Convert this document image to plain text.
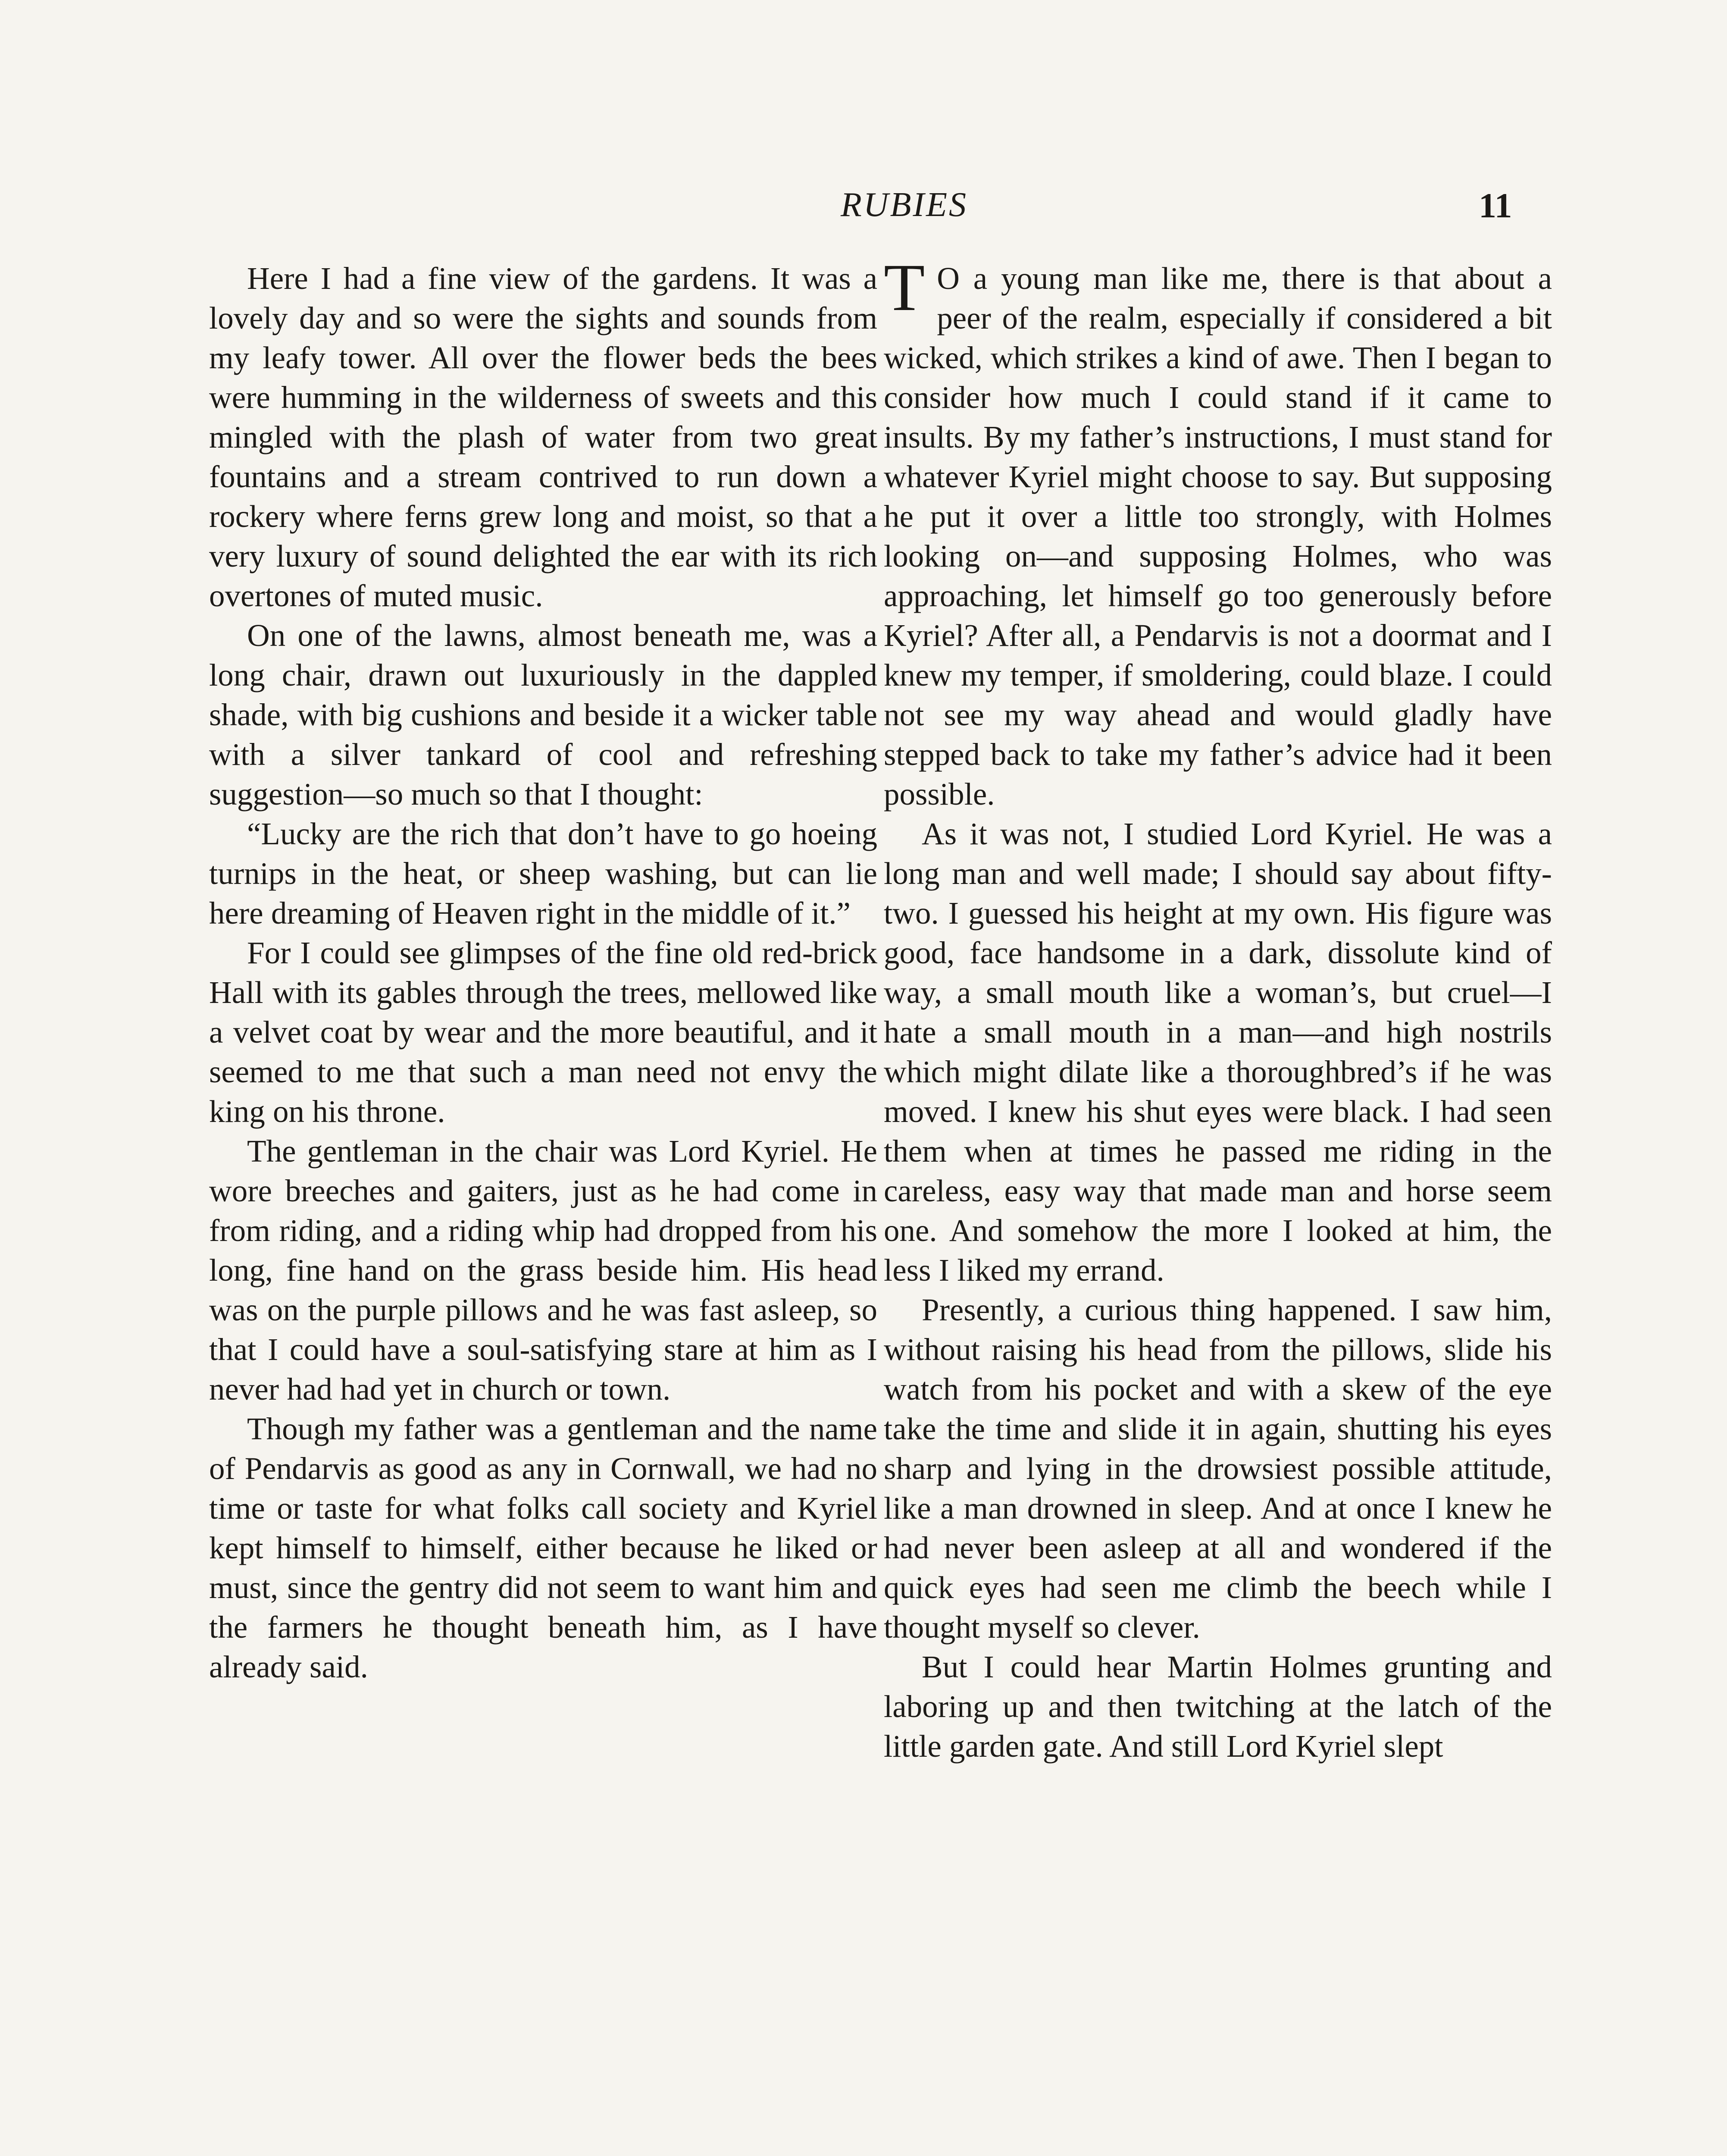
RUBIES	11

Here I had a fine view of the gardens. It was a lovely day and so were the sights and sounds from my leafy tower. All over the flower beds the bees were humming in the wilderness of sweets and this mingled with the plash of water from two great fountains and a stream contrived to run down a rockery where ferns grew long and moist, so that a very luxury of sound delighted the ear with its rich overtones of muted music.

On one of the lawns, almost beneath me, was a long chair, drawn out luxuriously in the dappled shade, with big cushions and beside it a wicker table with a silver tankard of cool and refreshing suggestion—so much so that I thought:

“Lucky are the rich that don’t have to go hoeing turnips in the heat, or sheep washing, but can lie here dreaming of Heaven right in the middle of it.”

For I could see glimpses of the fine old red-brick Hall with its gables through the trees, mellowed like a velvet coat by wear and the more beautiful, and it seemed to me that such a man need not envy the king on his throne.

The gentleman in the chair was Lord Kyriel. He wore breeches and gaiters, just as he had come in from riding, and a riding whip had dropped from his long, fine hand on the grass beside him. His head was on the purple pillows and he was fast asleep, so that I could have a soul-satisfying stare at him as I never had had yet in church or town.

Though my father was a gentleman and the name of Pendarvis as good as any in Cornwall, we had no time or taste for what folks call society and Kyriel kept himself to himself, either because he liked or must, since the gentry did not seem to want him and the farmers he thought beneath him, as I have already said.

T O a young man like me, there is that about a peer of the realm, especially if considered a bit wicked, which strikes a kind of awe. Then I began to consider how much I could stand if it came to insults. By my father’s instructions, I must stand for whatever Kyriel might choose to say. But supposing he put it over a little too strongly, with Holmes looking on—and supposing Holmes, who was approaching, let himself go too generously before Kyriel? After all, a Pendarvis is not a doormat and I knew my temper, if smoldering, could blaze. I could not see my way ahead and would gladly have stepped back to take my father’s advice had it been possible.

As it was not, I studied Lord Kyriel. He was a long man and well made; I should say about fifty-two. I guessed his height at my own. His figure was good, face handsome in a dark, dissolute kind of way, a small mouth like a woman’s, but cruel—I hate a small mouth in a man—and high nostrils which might dilate like a thoroughbred’s if he was moved. I knew his shut eyes were black. I had seen them when at times he passed me riding in the careless, easy way that made man and horse seem one. And somehow the more I looked at him, the less I liked my errand.

Presently, a curious thing happened. I saw him, without raising his head from the pillows, slide his watch from his pocket and with a skew of the eye take the time and slide it in again, shutting his eyes sharp and lying in the drowsiest possible attitude, like a man drowned in sleep. And at once I knew he had never been asleep at all and wondered if the quick eyes had seen me climb the beech while I thought myself so clever.

But I could hear Martin Holmes grunting and laboring up and then twitching at the latch of the little garden gate. And still Lord Kyriel slept
